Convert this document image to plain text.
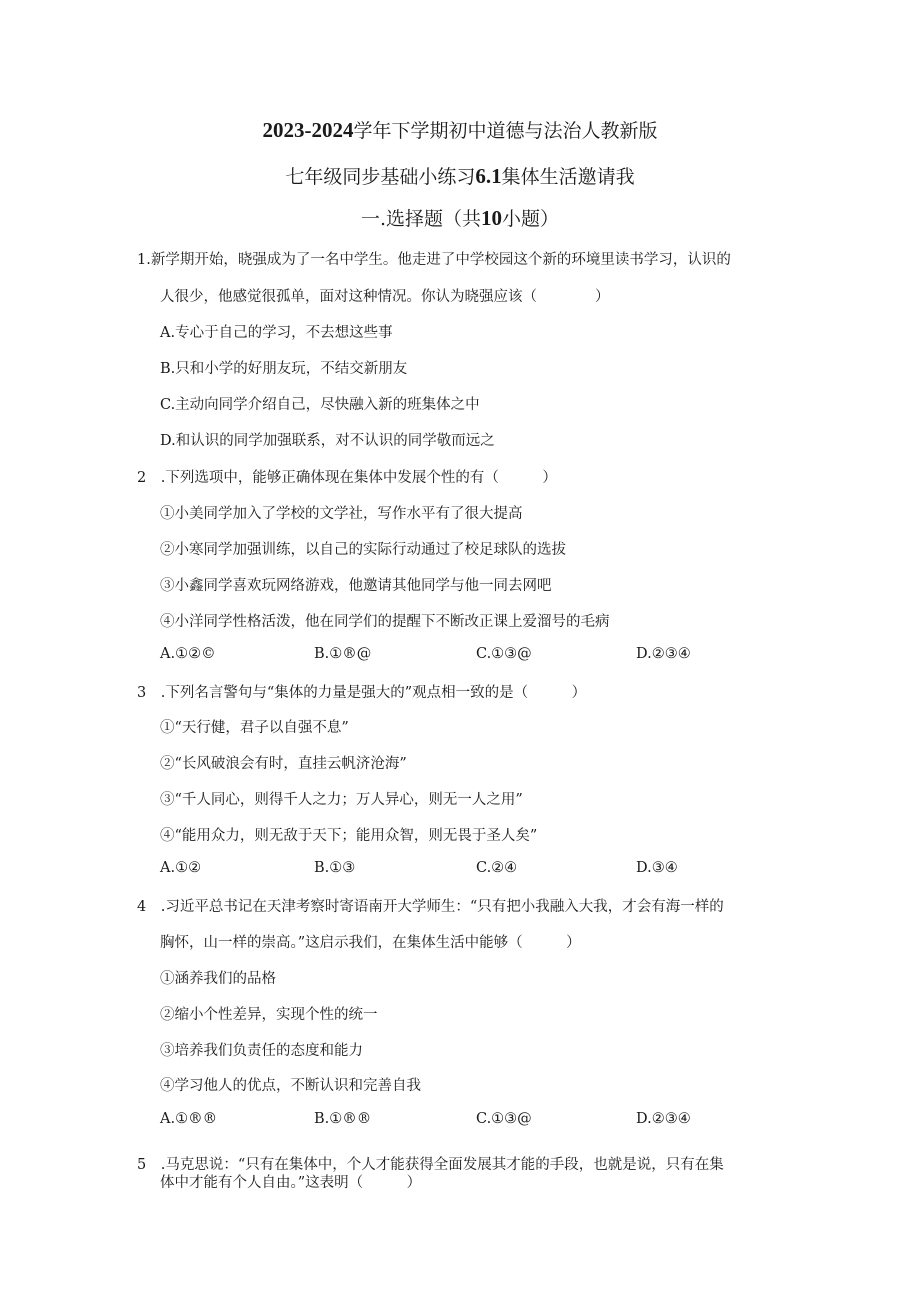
2023-2024学年下学期初中道德与法治人教新版
七年级同步基础小练习6.1集体生活邀请我
一.选择题（共10小题）
1.新学期开始，晓强成为了一名中学生。他走进了中学校园这个新的环境里读书学习，认识的
人很少，他感觉很孤单，面对这种情况。你认为晓强应该（　　　　）
A.专心于自己的学习，不去想这些事
B.只和小学的好朋友玩，不结交新朋友
C.主动向同学介绍自己，尽快融入新的班集体之中
D.和认识的同学加强联系，对不认识的同学敬而远之
2　.下列选项中，能够正确体现在集体中发展个性的有（　　　）
①小美同学加入了学校的文学社，写作水平有了很大提高
②小寒同学加强训练，以自己的实际行动通过了校足球队的选拔
③小鑫同学喜欢玩网络游戏，他邀请其他同学与他一同去网吧
④小洋同学性格活泼，他在同学们的提醒下不断改正课上爱溜号的毛病
A.①②©	B.①®@	C.①③@	D.②③④
3　.下列名言警句与“集体的力量是强大的”观点相一致的是（　　　）
①“天行健，君子以自强不息”
②“长风破浪会有时，直挂云帆济沧海”
③“千人同心，则得千人之力；万人异心，则无一人之用”
④“能用众力，则无敌于天下；能用众智，则无畏于圣人矣”
A.①②	B.①③	C.②④	D.③④
4　.习近平总书记在天津考察时寄语南开大学师生：“只有把小我融入大我，才会有海一样的
胸怀，山一样的崇高。”这启示我们，在集体生活中能够（　　　）
①涵养我们的品格
②缩小个性差异，实现个性的统一
③培养我们负责任的态度和能力
④学习他人的优点，不断认识和完善自我
A.①®®	B.①®®	C.①③@	D.②③④
5　.马克思说：“只有在集体中，个人才能获得全面发展其才能的手段，也就是说，只有在集
体中才能有个人自由。”这表明（　　　）
